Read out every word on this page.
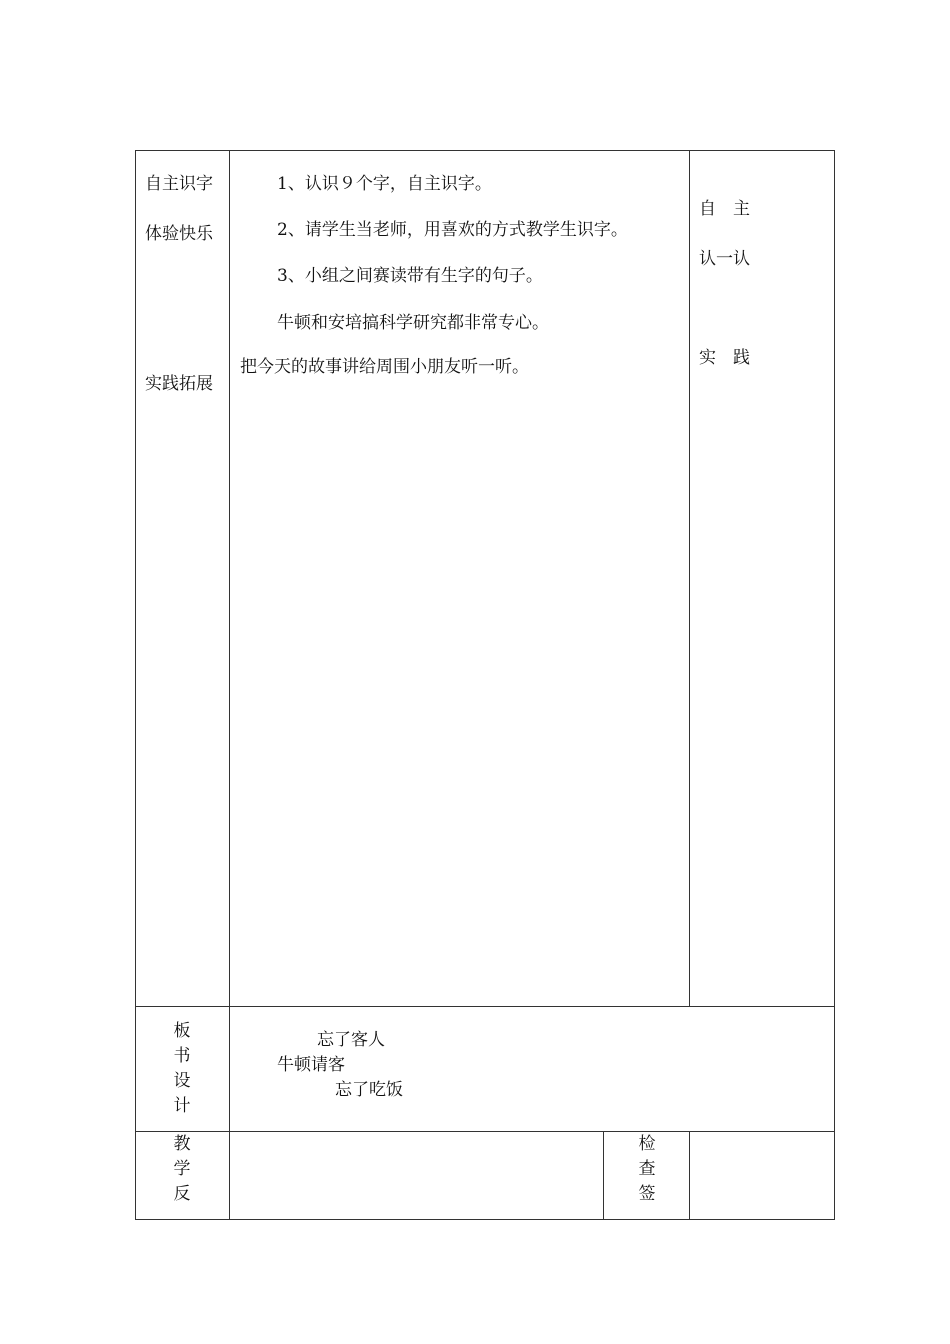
自主识字
体验快乐
实践拓展
1、认识９个字，自主识字。
2、请学生当老师，用喜欢的方式教学生识字。
3、小组之间赛读带有生字的句子。
牛顿和安培搞科学研究都非常专心。
把今天的故事讲给周围小朋友听一听。
自　主
认一认
实　践
板
书
设
计
忘了客人
牛顿请客
忘了吃饭
教
学
反
检
查
签
